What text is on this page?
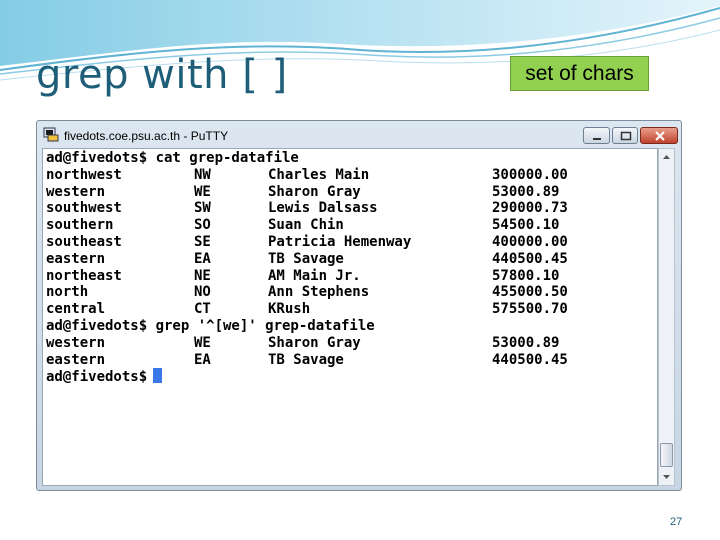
grep with [ ]	set of chars
fivedots.coe.psu.ac.th - PuTTY
ad@fivedots$ cat grep-datafile
northwest	NW	Charles Main	300000.00
western	WE	Sharon Gray	53000.89
southwest	SW	Lewis Dalsass	290000.73
southern	SO	Suan Chin	54500.10
southeast	SE	Patricia Hemenway	400000.00
eastern	EA	TB Savage	440500.45
northeast	NE	AM Main Jr.	57800.10
north	NO	Ann Stephens	455000.50
central	CT	KRush	575500.70
ad@fivedots$ grep '^[we]' grep-datafile
western	WE	Sharon Gray	53000.89
eastern	EA	TB Savage	440500.45
ad@fivedots$
27
